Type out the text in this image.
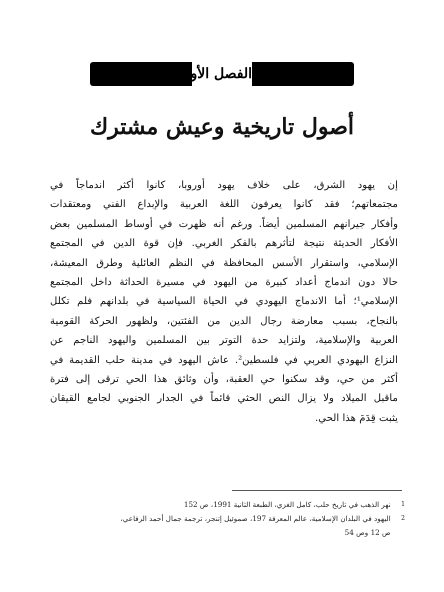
الفصل الأول
أصول تاريخية وعيش مشترك
إن يهود الشرق، على خلاف يهود أوروبا، كانوا أكثر اندماجاً في
مجتمعاتهم؛ فقد كانوا يعرفون اللغة العربية والإبداع الفني ومعتقدات
وأفكار جيرانهم المسلمين أيضاً. ورغم أنه ظهرت في أوساط المسلمين بعض
الأفكار الحديثة نتيجة لتأثرهم بالفكر الغربي. فإن قوة الدين في المجتمع
الإسلامي، واستقرار الأسس المحافظة في النظم العائلية وطرق المعيشة،
حالا دون اندماج أعداد كبيرة من اليهود في مسيرة الحداثة داخل المجتمع
الإسلامي¹؛ أما الاندماج اليهودي في الحياة السياسية في بلدانهم فلم تكلل
بالنجاح، بسبب معارضة رجال الدين من الفئتين، ولظهور الحركة القومية
العربية والإسلامية، ولتزايد حدة التوتر بين المسلمين واليهود الناجم عن
النزاع اليهودي العربي في فلسطين². عاش اليهود في مدينة حلب القديمة في
أكثر من حي، وقد سكنوا حي العقبة، وأن وثائق هذا الحي ترقى إلى فترة
ماقبل الميلاد ولا يزال النص الحثي قائماً في الجدار الجنوبي لجامع القيقان
يثبت قِدَمَ هذا الحي.

1 نهر الذهب في تاريخ حلب، كامل الغزي، الطبعة الثانية 1991، ص 152

2 اليهود في البلدان الإسلامية، عالم المعرفة 197، صموئيل إتنجر، ترجمة جمال أحمد الرفاعي،

ص 12 وص 54
